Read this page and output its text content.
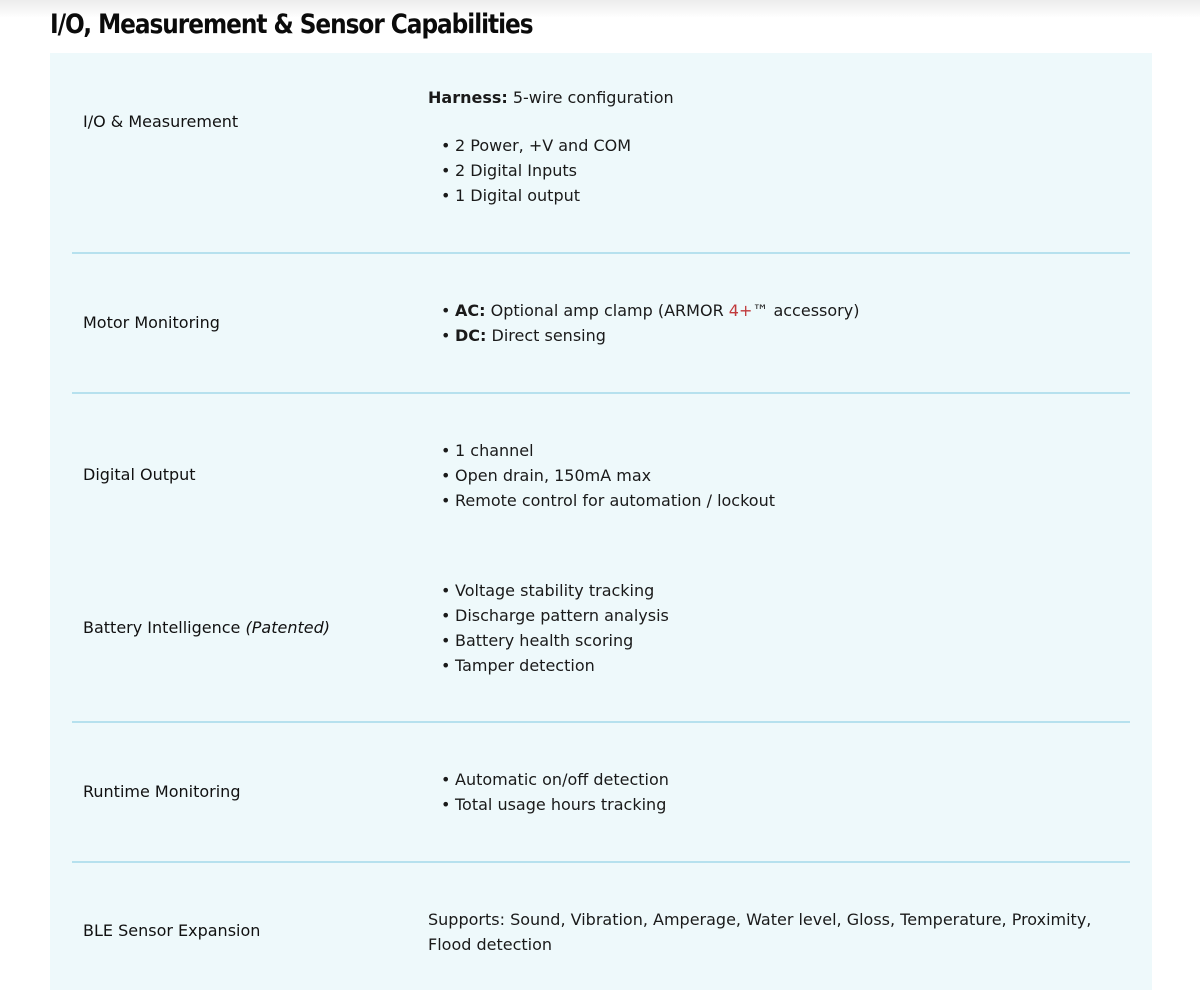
I/O, Measurement & Sensor Capabilities
I/O & Measurement

Harness: 5-wire configuration

• 2 Power, +V and COM
• 2 Digital Inputs
• 1 Digital output
Motor Monitoring
• AC: Optional amp clamp (ARMOR 4+™ accessory)
• DC: Direct sensing
Digital Output
• 1 channel
• Open drain, 150mA max
• Remote control for automation / lockout
Battery Intelligence (Patented)
• Voltage stability tracking
• Discharge pattern analysis
• Battery health scoring
• Tamper detection
Runtime Monitoring
• Automatic on/off detection
• Total usage hours tracking
BLE Sensor Expansion

Supports: Sound, Vibration, Amperage, Water level, Gloss, Temperature, Proximity, Flood detection
